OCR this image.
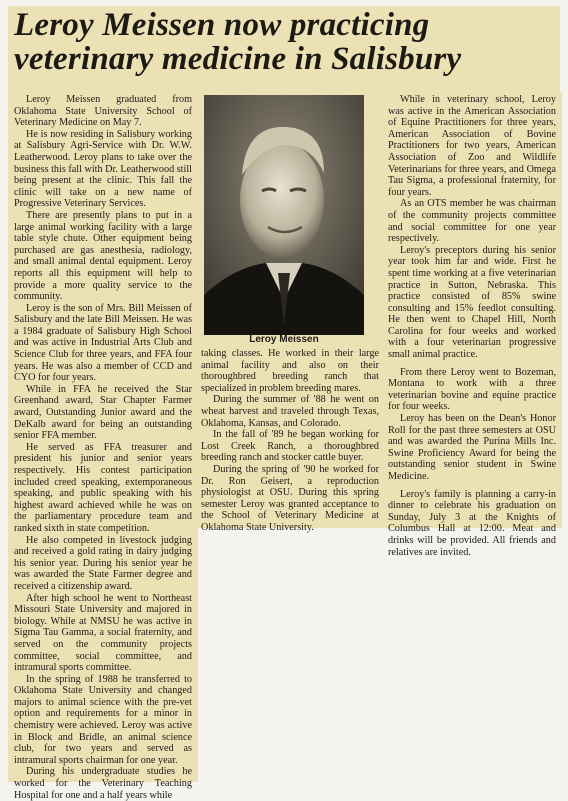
Leroy Meissen now practicing veterinary medicine in Salisbury

Leroy Meissen graduated from Oklahoma State University School of Veterinary Medicine on May 7.

He is now residing in Salisbury working at Salisbury Agri-Service with Dr. W.W. Leatherwood. Leroy plans to take over the business this fall with Dr. Leatherwood still being present at the clinic. This fall the clinic will take on a new name of Progressive Veterinary Services.

There are presently plans to put in a large animal working facility with a large table style chute. Other equipment being purchased are gas anesthesia, radiology, and small animal dental equipment. Leroy reports all this equipment will help to provide a more quality service to the community.

Leroy is the son of Mrs. Bill Meissen of Salisbury and the late Bill Meissen. He was a 1984 graduate of Salisbury High School and was active in Industrial Arts Club and Science Club for three years, and FFA four years. He was also a member of CCD and CYO for four years.

While in FFA he received the Star Greenhand award, Star Chapter Farmer award, Outstanding Junior award and the DeKalb award for being an outstanding senior FFA member.

He served as FFA treasurer and president his junior and senior years respectively. His contest participation included creed speaking, extemporaneous speaking, and public speaking with his highest award achieved while he was on the parliamentary procedure team and ranked sixth in state competition.

He also competed in livestock judging and received a gold rating in dairy judging his senior year. During his senior year he was awarded the State Farmer degree and received a citizenship award.

After high school he went to Northeast Missouri State University and majored in biology. While at NMSU he was active in Sigma Tau Gamma, a social fraternity, and served on the community projects committee, social committee, and intramural sports committee.

In the spring of 1988 he transferred to Oklahoma State University and changed majors to animal science with the pre-vet option and requirements for a minor in chemistry were achieved. Leroy was active in Block and Bridle, an animal science club, for two years and served as intramural sports chairman for one year.

During his undergraduate studies he worked for the Veterinary Teaching Hospital for one and a half years while

Leroy Meissen

taking classes. He worked in their large animal facility and also on their thoroughbred breeding ranch that specialized in problem breeding mares.

During the summer of '88 he went on wheat harvest and traveled through Texas, Oklahoma, Kansas, and Colorado.

In the fall of '89 he began working for Lost Creek Ranch, a thoroughbred breeding ranch and stocker cattle buyer.

During the spring of '90 he worked for Dr. Ron Geisert, a reproduction physiologist at OSU. During this spring semester Leroy was granted acceptance to the School of Veterinary Medicine at Oklahoma State University.

While in veterinary school, Leroy was active in the American Association of Equine Practitioners for three years, American Association of Bovine Practitioners for two years, American Association of Zoo and Wildlife Veterinarians for three years, and Omega Tau Sigma, a professional fraternity, for four years.

As an OTS member he was chairman of the community projects committee and social committee for one year respectively.

Leroy's preceptors during his senior year took him far and wide. First he spent time working at a five veterinarian practice in Sutton, Nebraska. This practice consisted of 85% swine consulting and 15% feedlot consulting. He then went to Chapel Hill, North Carolina for four weeks and worked with a four veterinarian progressive small animal practice.

From there Leroy went to Bozeman, Montana to work with a three veterinarian bovine and equine practice for four weeks.

Leroy has been on the Dean's Honor Roll for the past three semesters at OSU and was awarded the Purina Mills Inc. Swine Proficiency Award for being the outstanding senior student in Swine Medicine.

Leroy's family is planning a carry-in dinner to celebrate his graduation on Sunday, July 3 at the Knights of Columbus Hall at 12:00. Meat and drinks will be provided. All friends and relatives are invited.
